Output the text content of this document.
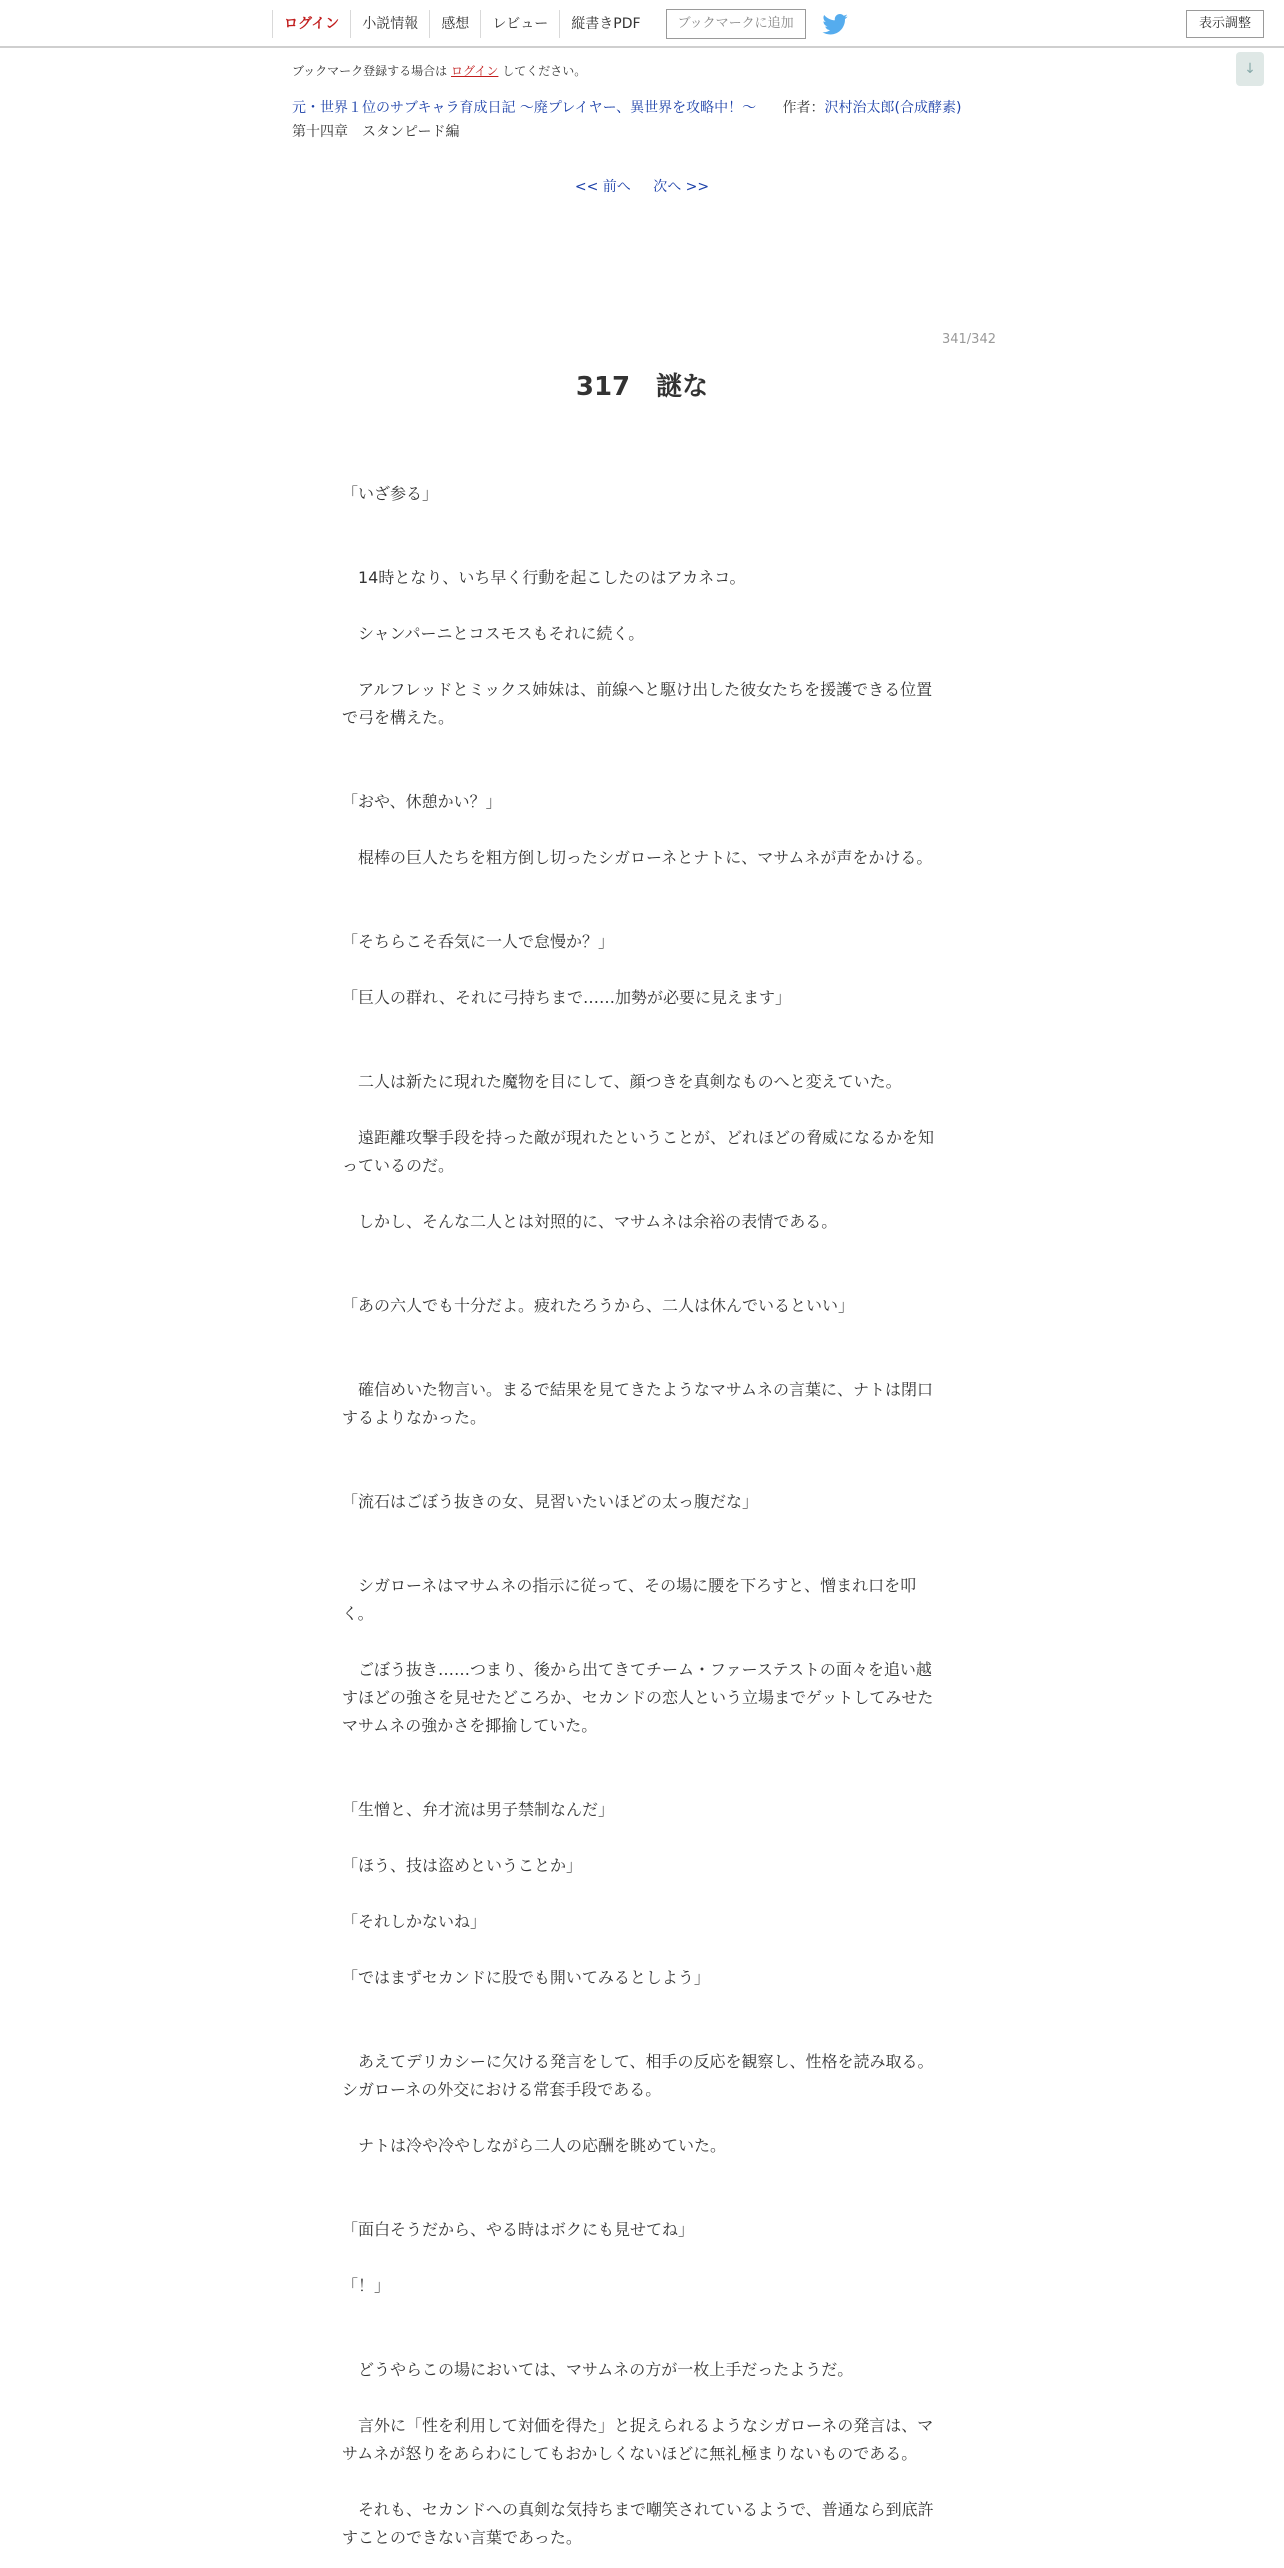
ログイン	小説情報	感想	レビュー	縦書きPDF	ブックマークに追加	表示調整
↓
ブックマーク登録する場合は ログイン してください。
元・世界１位のサブキャラ育成日記 ～廃プレイヤー、異世界を攻略中！～ 作者：沢村治太郎(合成酵素)
第十四章　スタンピード編
<< 前へ 次へ >>
341/342
317　謎な

「いざ参る」

　14時となり、いち早く行動を起こしたのはアカネコ。

　シャンパーニとコスモスもそれに続く。

　アルフレッドとミックス姉妹は、前線へと駆け出した彼女たちを援護できる位置で弓を構えた。

「おや、休憩かい？」

　棍棒の巨人たちを粗方倒し切ったシガローネとナトに、マサムネが声をかける。

「そちらこそ呑気に一人で怠慢か？」

「巨人の群れ、それに弓持ちまで……加勢が必要に見えます」

　二人は新たに現れた魔物を目にして、顔つきを真剣なものへと変えていた。

　遠距離攻撃手段を持った敵が現れたということが、どれほどの脅威になるかを知っているのだ。

　しかし、そんな二人とは対照的に、マサムネは余裕の表情である。

「あの六人でも十分だよ。疲れたろうから、二人は休んでいるといい」

　確信めいた物言い。まるで結果を見てきたようなマサムネの言葉に、ナトは閉口するよりなかった。

「流石はごぼう抜きの女、見習いたいほどの太っ腹だな」

　シガローネはマサムネの指示に従って、その場に腰を下ろすと、憎まれ口を叩く。

　ごぼう抜き……つまり、後から出てきてチーム・ファーステストの面々を追い越すほどの強さを見せたどころか、セカンドの恋人という立場までゲットしてみせたマサムネの強かさを揶揄していた。

「生憎と、弁才流は男子禁制なんだ」

「ほう、技は盗めということか」

「それしかないね」

「ではまずセカンドに股でも開いてみるとしよう」

　あえてデリカシーに欠ける発言をして、相手の反応を観察し、性格を読み取る。シガローネの外交における常套手段である。

　ナトは冷や冷やしながら二人の応酬を眺めていた。

「面白そうだから、やる時はボクにも見せてね」

「！」

　どうやらこの場においては、マサムネの方が一枚上手だったようだ。

　言外に「性を利用して対価を得た」と捉えられるようなシガローネの発言は、マサムネが怒りをあらわにしてもおかしくないほどに無礼極まりないものである。

　それも、セカンドへの真剣な気持ちまで嘲笑されているようで、普通なら到底許すことのできない言葉であった。
